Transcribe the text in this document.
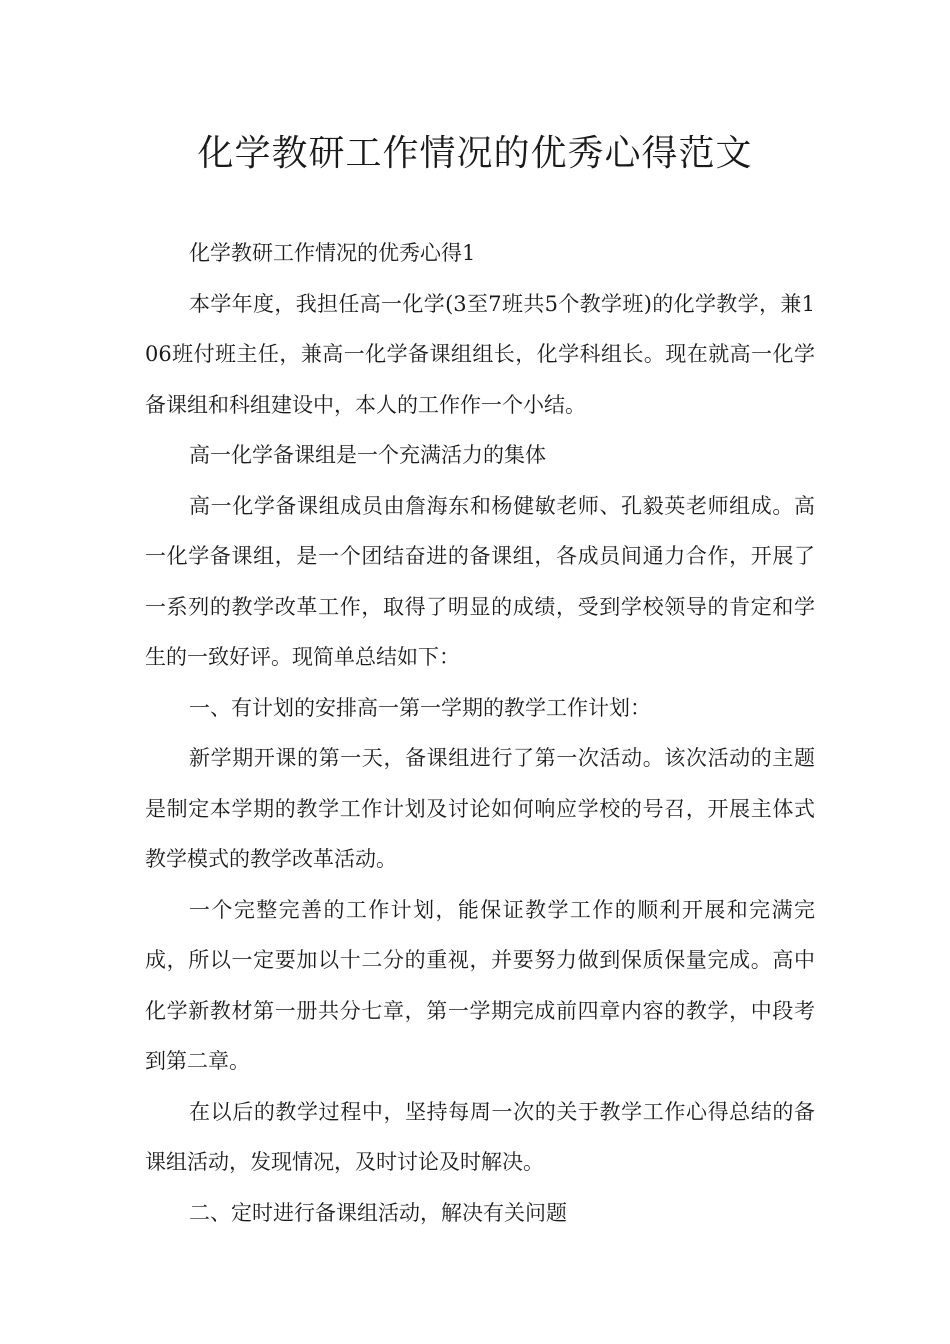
化学教研工作情况的优秀心得范文

化学教研工作情况的优秀心得1

本学年度，我担任高一化学(3至7班共5个教学班)的化学教学，兼106班付班主任，兼高一化学备课组组长，化学科组长。现在就高一化学备课组和科组建设中，本人的工作作一个小结。

高一化学备课组是一个充满活力的集体

高一化学备课组成员由詹海东和杨健敏老师、孔毅英老师组成。高一化学备课组，是一个团结奋进的备课组，各成员间通力合作，开展了一系列的教学改革工作，取得了明显的成绩，受到学校领导的肯定和学生的一致好评。现简单总结如下：

一、有计划的安排高一第一学期的教学工作计划：

新学期开课的第一天，备课组进行了第一次活动。该次活动的主题是制定本学期的教学工作计划及讨论如何响应学校的号召，开展主体式教学模式的教学改革活动。

一个完整完善的工作计划，能保证教学工作的顺利开展和完满完成，所以一定要加以十二分的重视，并要努力做到保质保量完成。高中化学新教材第一册共分七章，第一学期完成前四章内容的教学，中段考到第二章。

在以后的教学过程中，坚持每周一次的关于教学工作心得总结的备课组活动，发现情况，及时讨论及时解决。

二、定时进行备课组活动，解决有关问题
